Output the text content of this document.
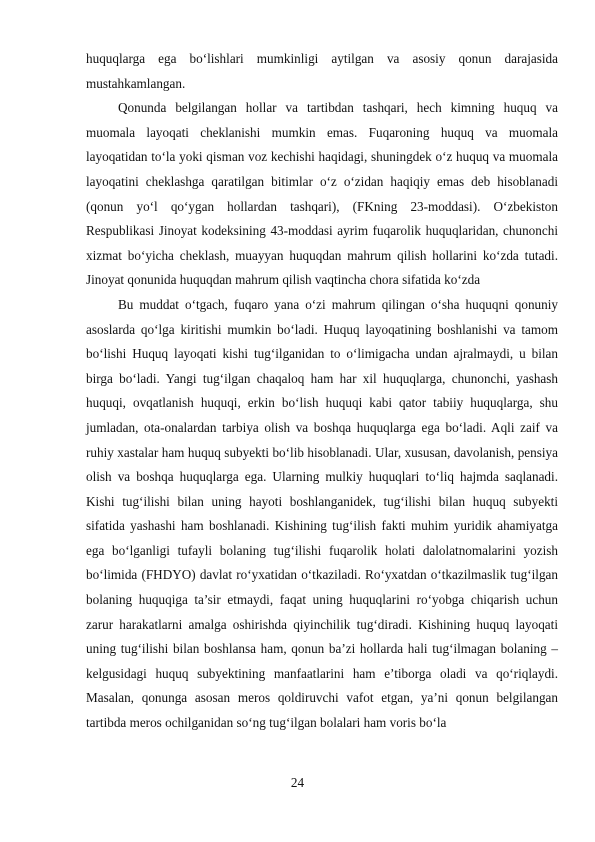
huquqlarga ega bo‘lishlari mumkinligi aytilgan va asosiy qonun darajasida mustahkamlangan.

Qonunda belgilangan hollar va tartibdan tashqari, hech kimning huquq va muomala layoqati cheklanishi mumkin emas. Fuqaroning huquq va muomala layoqatidan to‘la yoki qisman voz kechishi haqidagi, shuningdek o‘z huquq va muomala layoqatini cheklashga qaratilgan bitimlar o‘z o‘zidan haqiqiy emas deb hisoblanadi (qonun yo‘l qo‘ygan hollardan tashqari), (FKning 23-moddasi). O‘zbekiston Respublikasi Jinoyat kodeksining 43-moddasi ayrim fuqarolik huquqlaridan, chunonchi xizmat bo‘yicha cheklash, muayyan huquqdan mahrum qilish hollarini ko‘zda tutadi. Jinoyat qonunida huquqdan mahrum qilish vaqtincha chora sifatida ko‘zda

Bu muddat o‘tgach, fuqaro yana o‘zi mahrum qilingan o‘sha huquqni qonuniy asoslarda qo‘lga kiritishi mumkin bo‘ladi. Huquq layoqatining boshlanishi va tamom bo‘lishi Huquq layoqati kishi tug‘ilganidan to o‘limigacha undan ajralmaydi, u bilan birga bo‘ladi. Yangi tug‘ilgan chaqaloq ham har xil huquqlarga, chunonchi, yashash huquqi, ovqatlanish huquqi, erkin bo‘lish huquqi kabi qator tabiiy huquqlarga, shu jumladan, ota-onalardan tarbiya olish va boshqa huquqlarga ega bo‘ladi. Aqli zaif va ruhiy xastalar ham huquq subyekti bo‘lib hisoblanadi. Ular, xususan, davolanish, pensiya olish va boshqa huquqlarga ega. Ularning mulkiy huquqlari to‘liq hajmda saqlanadi. Kishi tug‘ilishi bilan uning hayoti boshlanganidek, tug‘ilishi bilan huquq subyekti sifatida yashashi ham boshlanadi. Kishining tug‘ilish fakti muhim yuridik ahamiyatga ega bo‘lganligi tufayli bolaning tug‘ilishi fuqarolik holati dalolatnomalarini yozish bo‘limida (FHDYO) davlat ro‘yxatidan o‘tkaziladi. Ro‘yxatdan o‘tkazilmaslik tug‘ilgan bolaning huquqiga ta’sir etmaydi, faqat uning huquqlarini ro‘yobga chiqarish uchun zarur harakatlarni amalga oshirishda qiyinchilik tug‘diradi. Kishining huquq layoqati uning tug‘ilishi bilan boshlansa ham, qonun ba’zi hollarda hali tug‘ilmagan bolaning – kelgusidagi huquq subyektining manfaatlarini ham e’tiborga oladi va qo‘riqlaydi. Masalan, qonunga asosan meros qoldiruvchi vafot etgan, ya’ni qonun belgilangan tartibda meros ochilganidan so‘ng tug‘ilgan bolalari ham voris bo‘la

24
